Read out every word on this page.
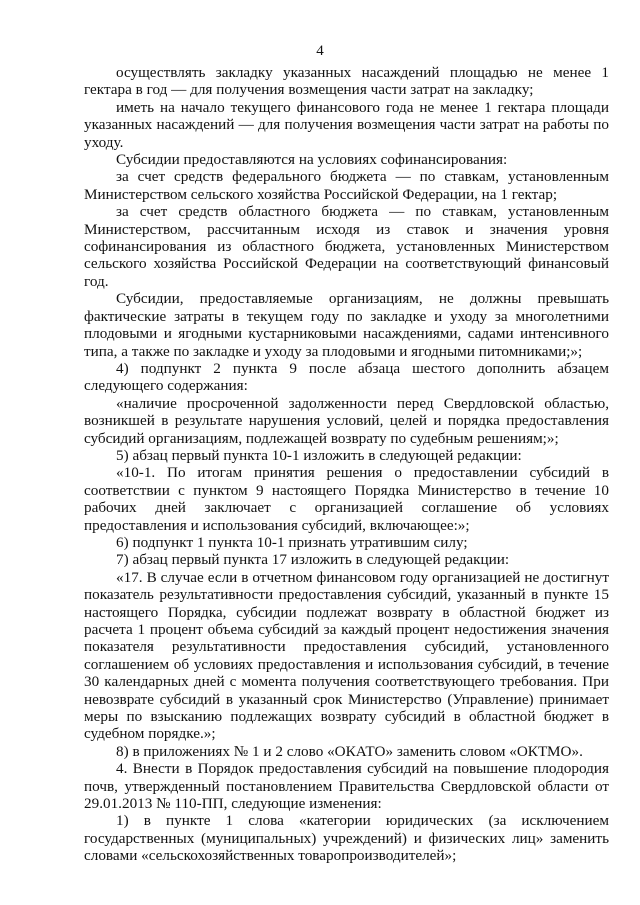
4

осуществлять закладку указанных насаждений площадью не менее 1 гектара в год — для получения возмещения части затрат на закладку;

иметь на начало текущего финансового года не менее 1 гектара площади указанных насаждений — для получения возмещения части затрат на работы по уходу.

Субсидии предоставляются на условиях софинансирования:

за счет средств федерального бюджета — по ставкам, установленным Министерством сельского хозяйства Российской Федерации, на 1 гектар;

за счет средств областного бюджета — по ставкам, установленным Министерством, рассчитанным исходя из ставок и значения уровня софинансирования из областного бюджета, установленных Министерством сельского хозяйства Российской Федерации на соответствующий финансовый год.

Субсидии, предоставляемые организациям, не должны превышать фактические затраты в текущем году по закладке и уходу за многолетними плодовыми и ягодными кустарниковыми насаждениями, садами интенсивного типа, а также по закладке и уходу за плодовыми и ягодными питомниками;»;

4) подпункт 2 пункта 9 после абзаца шестого дополнить абзацем следующего содержания:

«наличие просроченной задолженности перед Свердловской областью, возникшей в результате нарушения условий, целей и порядка предоставления субсидий организациям, подлежащей возврату по судебным решениям;»;

5) абзац первый пункта 10-1 изложить в следующей редакции:

«10-1. По итогам принятия решения о предоставлении субсидий в соответствии с пунктом 9 настоящего Порядка Министерство в течение 10 рабочих дней заключает с организацией соглашение об условиях предоставления и использования субсидий, включающее:»;

6) подпункт 1 пункта 10-1 признать утратившим силу;

7) абзац первый пункта 17 изложить в следующей редакции:

«17. В случае если в отчетном финансовом году организацией не достигнут показатель результативности предоставления субсидий, указанный в пункте 15 настоящего Порядка, субсидии подлежат возврату в областной бюджет из расчета 1 процент объема субсидий за каждый процент недостижения значения показателя результативности предоставления субсидий, установленного соглашением об условиях предоставления и использования субсидий, в течение 30 календарных дней с момента получения соответствующего требования. При невозврате субсидий в указанный срок Министерство (Управление) принимает меры по взысканию подлежащих возврату субсидий в областной бюджет в судебном порядке.»;

8) в приложениях № 1 и 2 слово «ОКАТО» заменить словом «ОКТМО».

4. Внести в Порядок предоставления субсидий на повышение плодородия почв, утвержденный постановлением Правительства Свердловской области от 29.01.2013 № 110-ПП, следующие изменения:

1) в пункте 1 слова «категории юридических (за исключением государственных (муниципальных) учреждений) и физических лиц» заменить словами «сельскохозяйственных товаропроизводителей»;
